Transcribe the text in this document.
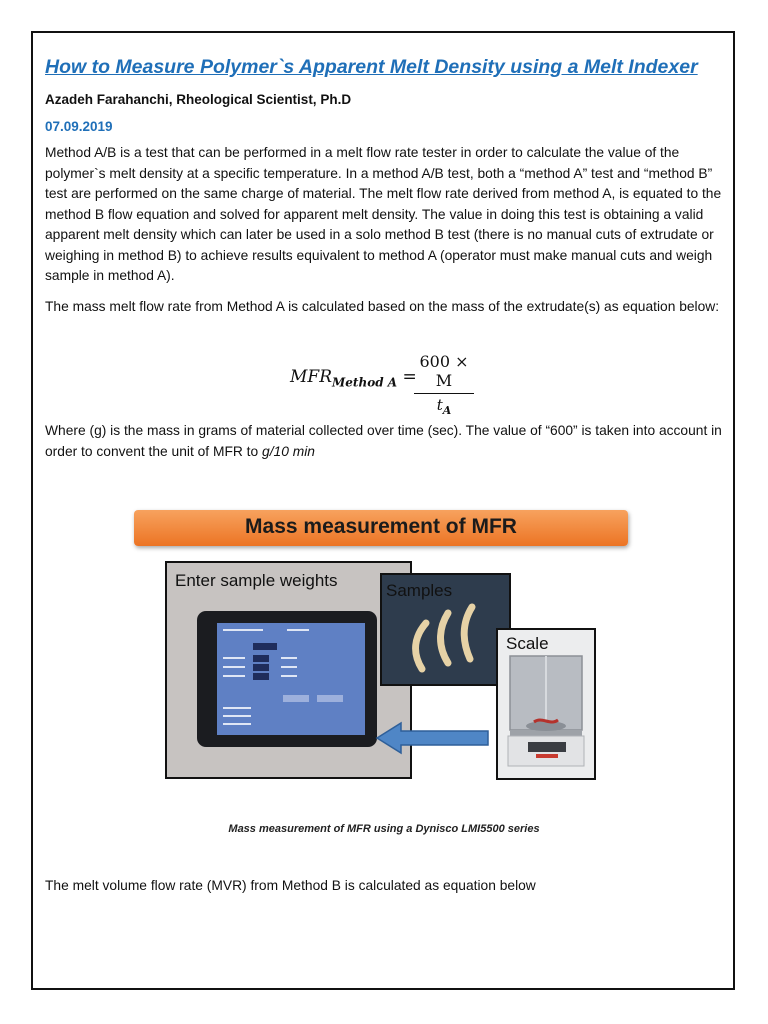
How to Measure Polymer`s Apparent Melt Density using a Melt Indexer
Azadeh Farahanchi, Rheological Scientist, Ph.D
07.09.2019

Method A/B is a test that can be performed in a melt flow rate tester in order to calculate the value of the polymer`s melt density at a specific temperature. In a method A/B test, both a “method A” test and “method B” test are performed on the same charge of material. The melt flow rate derived from method A, is equated to the method B flow equation and solved for apparent melt density. The value in doing this test is obtaining a valid apparent melt density which can later be used in a solo method B test (there is no manual cuts of extrudate or weighing in method B) to achieve results equivalent to method A (operator must make manual cuts and weigh sample in method A).

The mass melt flow rate from Method A is calculated based on the mass of the extrudate(s) as equation below:

$MFR_{Method A}$ =
600 × M
$t_A$

Where (g) is the mass in grams of material collected over time (sec). The value of “600” is taken into account in order to convent the unit of MFR to g/10 min

Mass measurement of MFR
Enter sample weights
Samples
Scale
Mass measurement of MFR using a Dynisco LMI5500 series

The melt volume flow rate (MVR) from Method B is calculated as equation below
